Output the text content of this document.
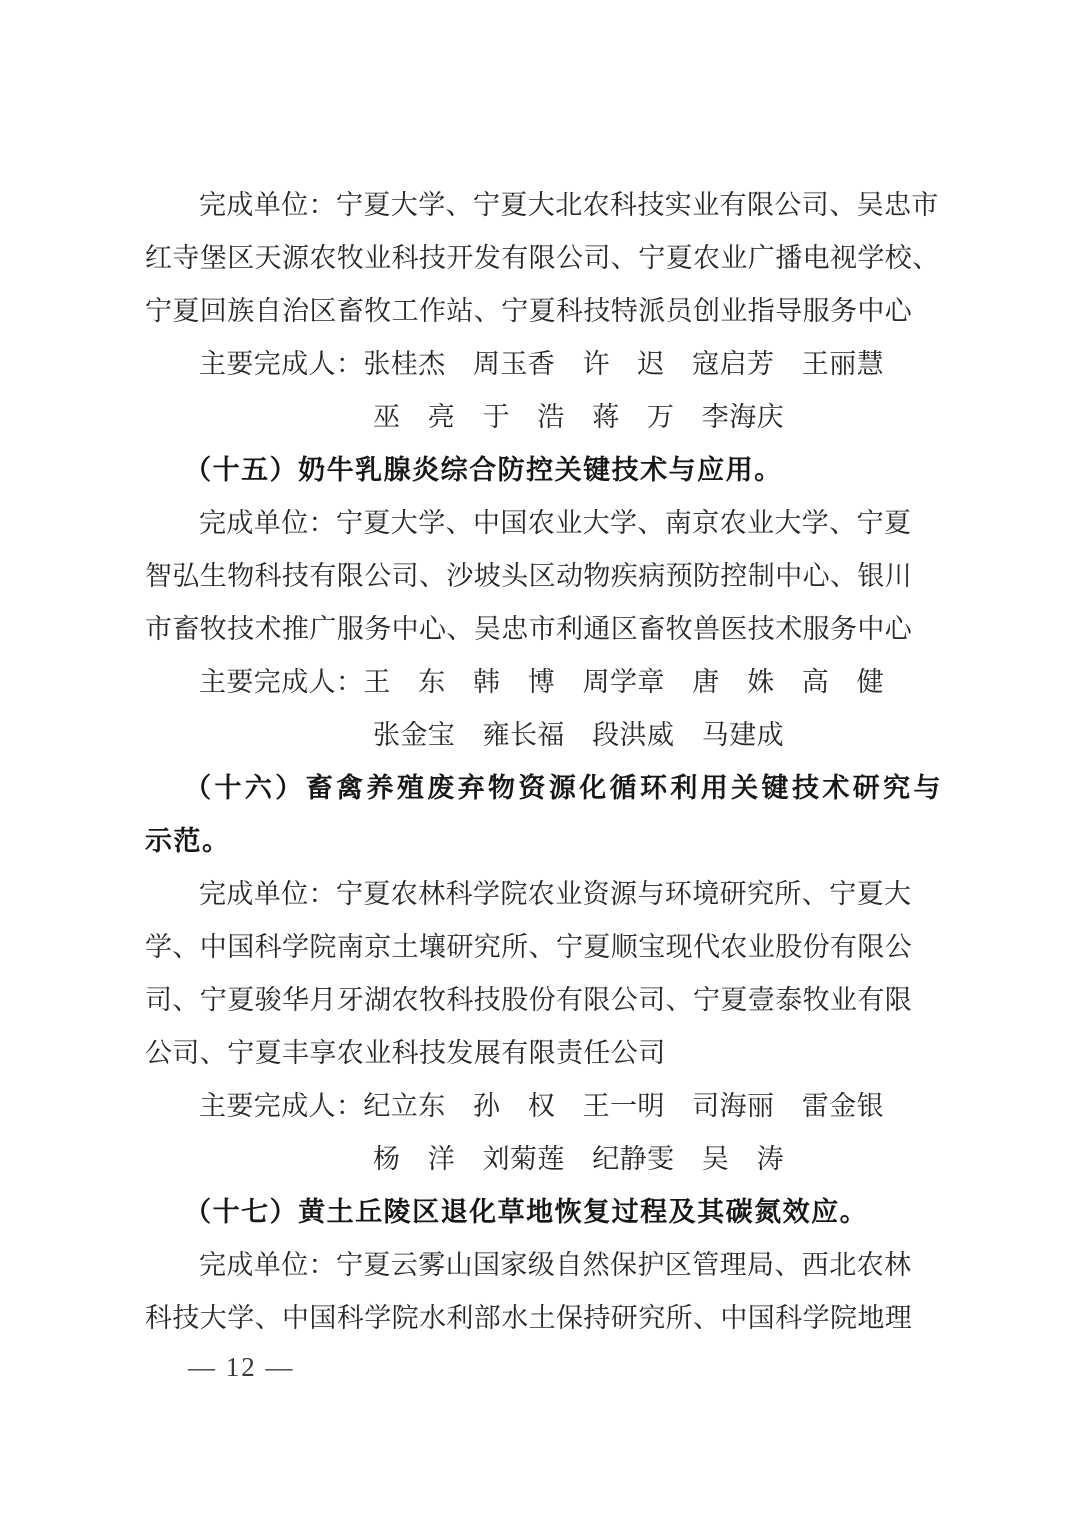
完成单位：宁夏大学、宁夏大北农科技实业有限公司、吴忠市
红寺堡区天源农牧业科技开发有限公司、宁夏农业广播电视学校、
宁夏回族自治区畜牧工作站、宁夏科技特派员创业指导服务中心
主要完成人：张桂杰　周玉香　许　迟　寇启芳　王丽慧
巫　亮　于　浩　蒋　万　李海庆
（十五）奶牛乳腺炎综合防控关键技术与应用。
完成单位：宁夏大学、中国农业大学、南京农业大学、宁夏
智弘生物科技有限公司、沙坡头区动物疾病预防控制中心、银川
市畜牧技术推广服务中心、吴忠市利通区畜牧兽医技术服务中心
主要完成人：王　东　韩　博　周学章　唐　姝　高　健
张金宝　雍长福　段洪威　马建成
（十六）畜禽养殖废弃物资源化循环利用关键技术研究与
示范。
完成单位：宁夏农林科学院农业资源与环境研究所、宁夏大
学、中国科学院南京土壤研究所、宁夏顺宝现代农业股份有限公
司、宁夏骏华月牙湖农牧科技股份有限公司、宁夏壹泰牧业有限
公司、宁夏丰享农业科技发展有限责任公司
主要完成人：纪立东　孙　权　王一明　司海丽　雷金银
杨　洋　刘菊莲　纪静雯　吴　涛
（十七）黄土丘陵区退化草地恢复过程及其碳氮效应。
完成单位：宁夏云雾山国家级自然保护区管理局、西北农林
科技大学、中国科学院水利部水土保持研究所、中国科学院地理
— 12 —
